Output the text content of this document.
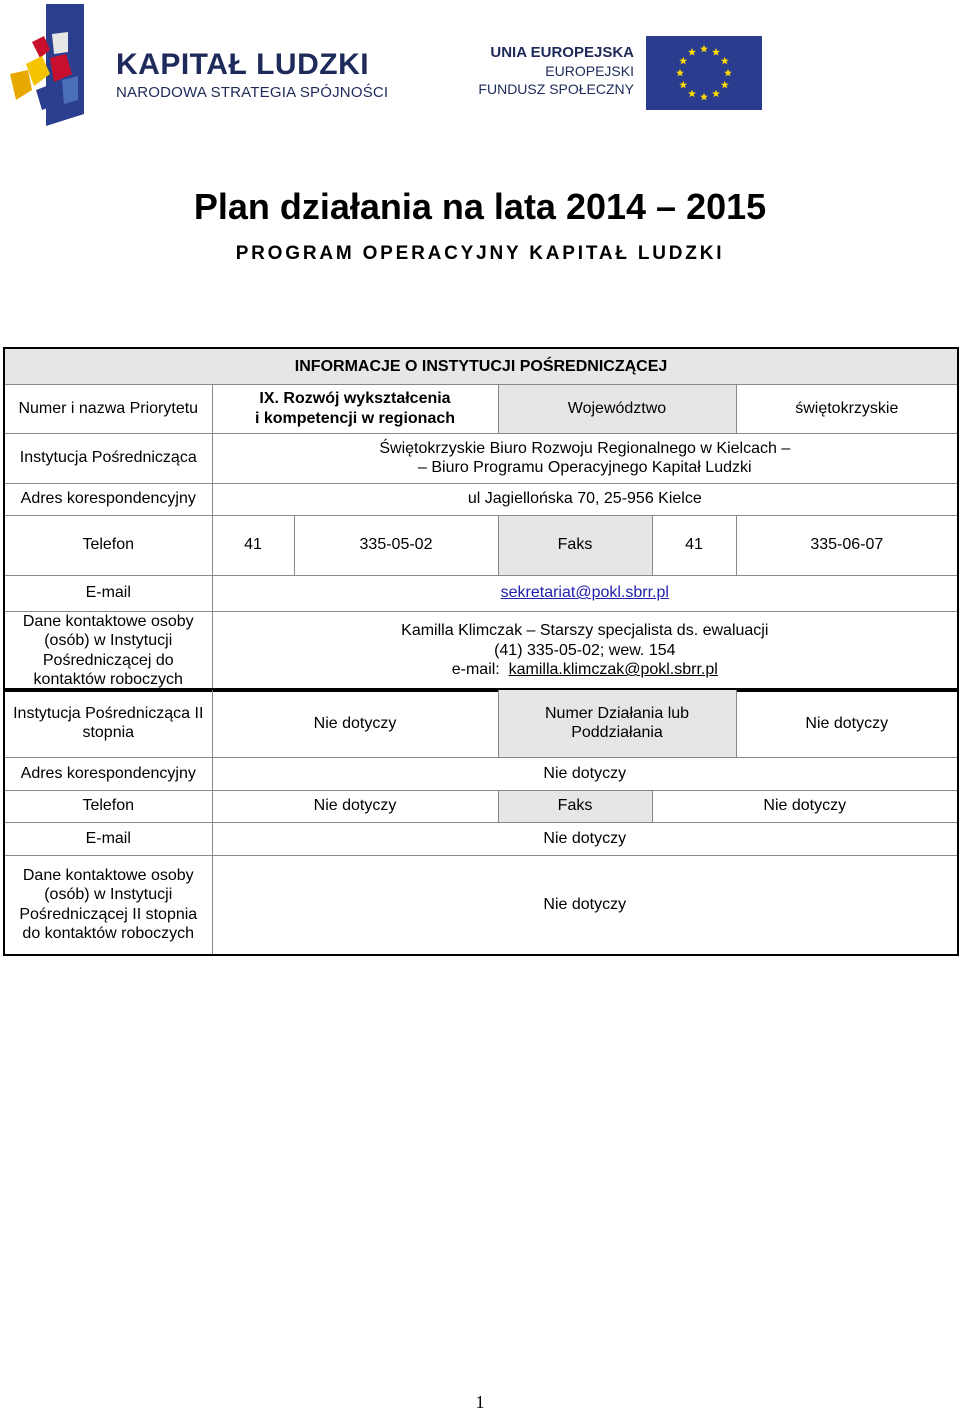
KAPITAŁ LUDZKI
NARODOWA STRATEGIA SPÓJNOŚCI
UNIA EUROPEJSKA
EUROPEJSKI
FUNDUSZ SPOŁECZNY
Plan działania na lata 2014 – 2015
PROGRAM OPERACYJNY KAPITAŁ LUDZKI
INFORMACJE O INSTYTUCJI POŚREDNICZĄCEJ					
Numer i nazwa Priorytetu	IX. Rozwój wykształcenia
i kompetencji w regionach		Województwo		świętokrzyskie
Instytucja Pośrednicząca	Świętokrzyskie Biuro Rozwoju Regionalnego w Kielcach –
– Biuro Programu Operacyjnego Kapitał Ludzki				

Adres korespondencyjny	ul Jagiellońska 70, 25-956 Kielce				
Telefon	41	335-05-02	Faks	41	335-06-07
E-mail	sekretariat@pokl.sbrr.pl				
Dane kontaktowe osoby (osób) w Instytucji Pośredniczącej do kontaktów roboczych	Kamilla Klimczak – Starszy specjalista ds. ewaluacji
(41) 335-05-02; wew. 154
e-mail:  kamilla.klimczak@pokl.sbrr.pl				
Instytucja Pośrednicząca II stopnia	Nie dotyczy	Numer Działania lub Poddziałania		Nie dotyczy
Adres korespondencyjny	Nie dotyczy			
Telefon	Nie dotyczy	Faks	Nie dotyczy	
E-mail	Nie dotyczy			
Dane kontaktowe osoby (osób) w Instytucji Pośredniczącej II stopnia do kontaktów roboczych	Nie dotyczy			
1
